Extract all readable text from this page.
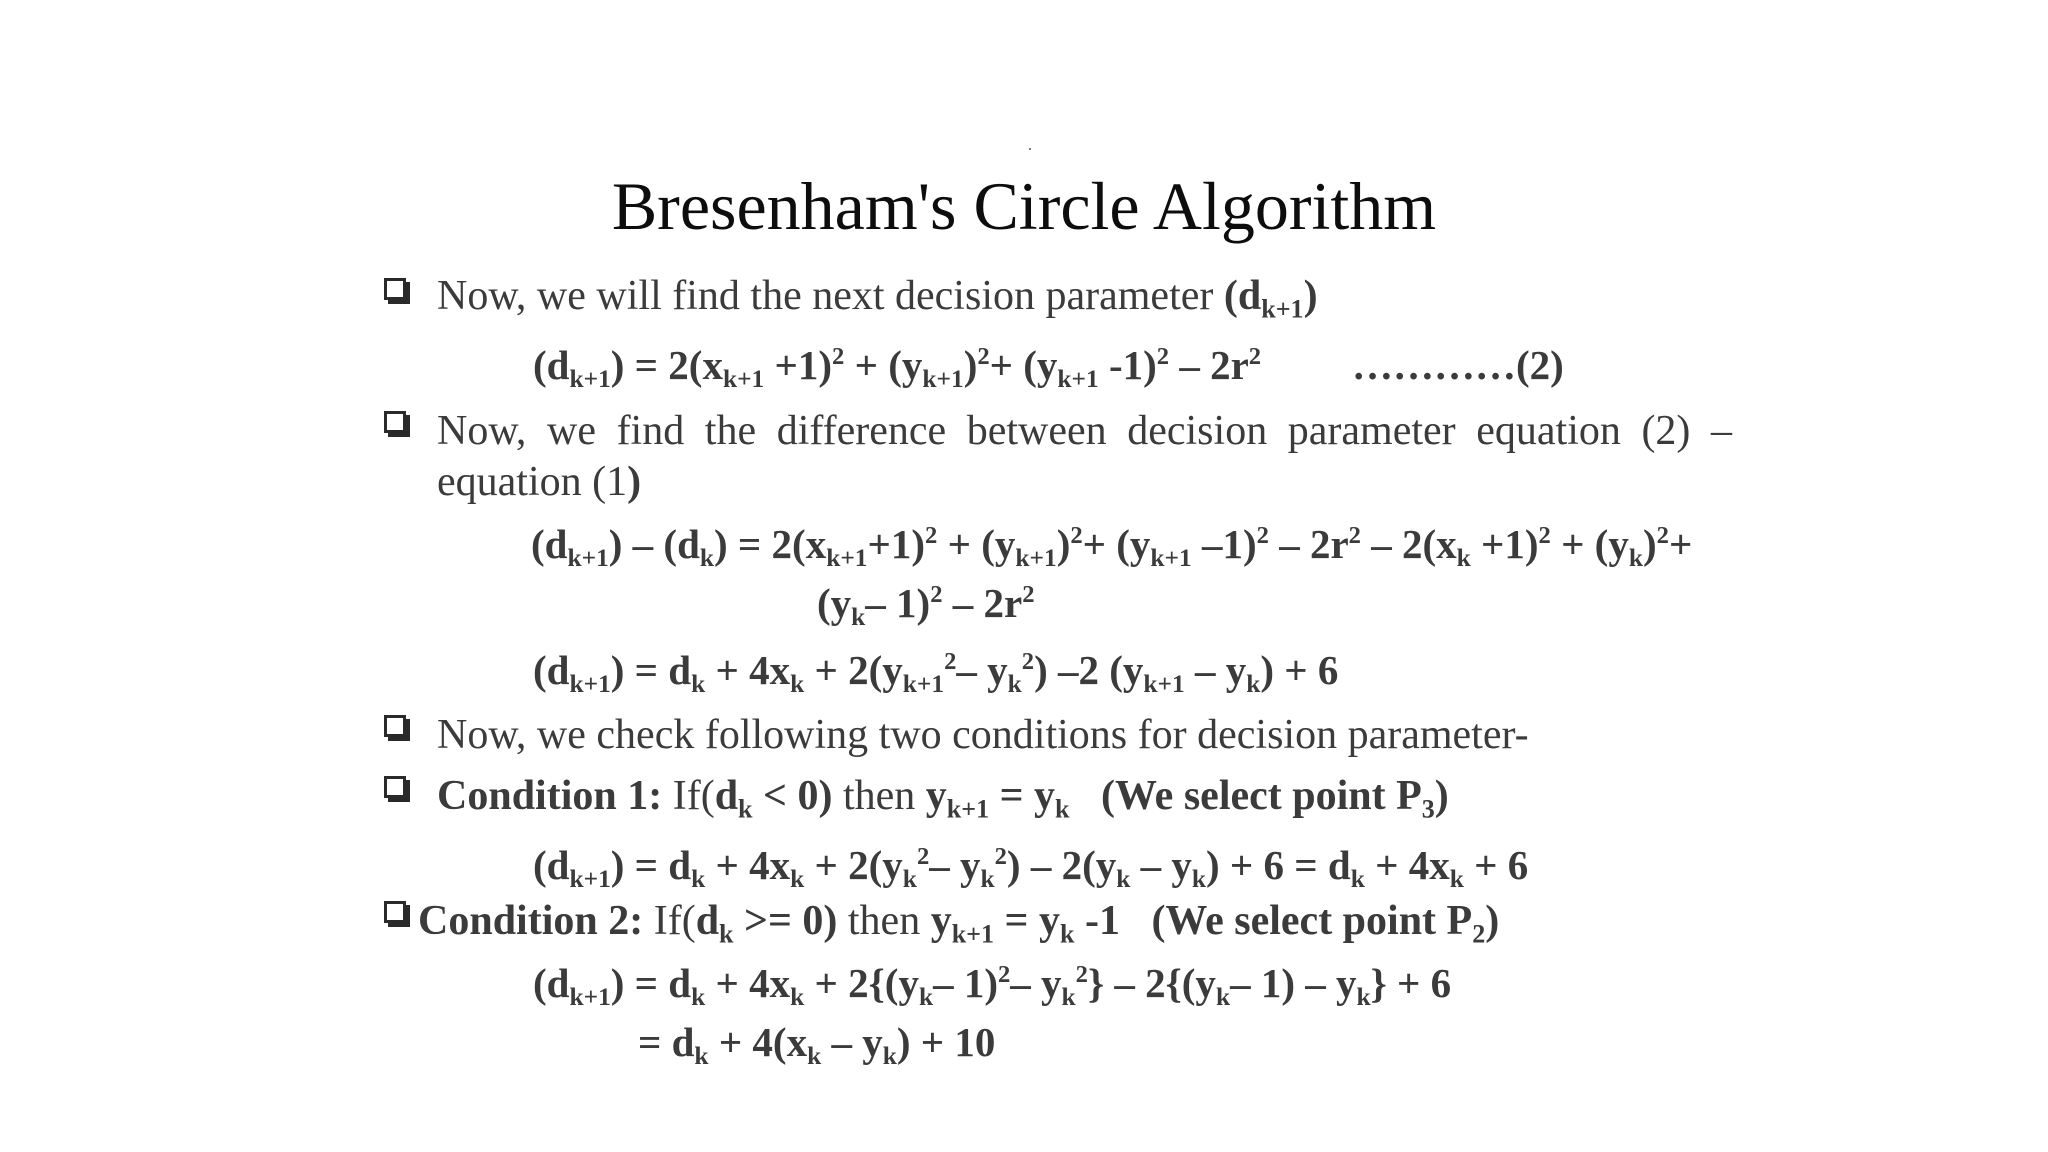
Bresenham's Circle Algorithm
Now, we will find the next decision parameter $(d_{k+1})$
$(d_{k+1}) = 2(x_{k+1} +1)^2 + (y_{k+1})^2+ (y_{k+1}$ $-1)^2 - 2r^2$ …………(2)
Now, we find the difference between decision parameter equation (2) –
equation (1)
$(d_{k+1}) - (d_k) = 2(x_{k+1}+1)^2 + (y_{k+1})^2+ (y_{k+1}$ $-1)^2 - 2r^2 - 2(x_k +1)^2 + (y_k)^2+$
($y_k-$ $1)^2 - 2r^2$
$(d_{k+1}) = d_k + 4x_k + 2(y_{k+1}^2-$ $y_k^2$) –2 $(y_{k+1} - y_k) + 6$
Now, we check following two conditions for decision parameter-
Condition 1: $If(d_k < 0)$ then $y_{k+1} = y_k$   (We select point $P_3$)
$(d_{k+1}) = d_k + 4x_k + 2(y_k^2-$ $y_k^2) - 2(y_k - y_k) + 6 = d_k + 4x_k + 6$
Condition 2: $If(d_k >= 0)$ then $y_{k+1} = y_k$ -1   (We select point $P_2$)
$(d_{k+1}) = d_k + 4x_k + 2\{(y_k-$ 1)$^2$– $y_k^2\} - 2\{(y_k-$ $1) - y_k\} + 6$
= $d_k + 4(x_k - y_k) + 10$
